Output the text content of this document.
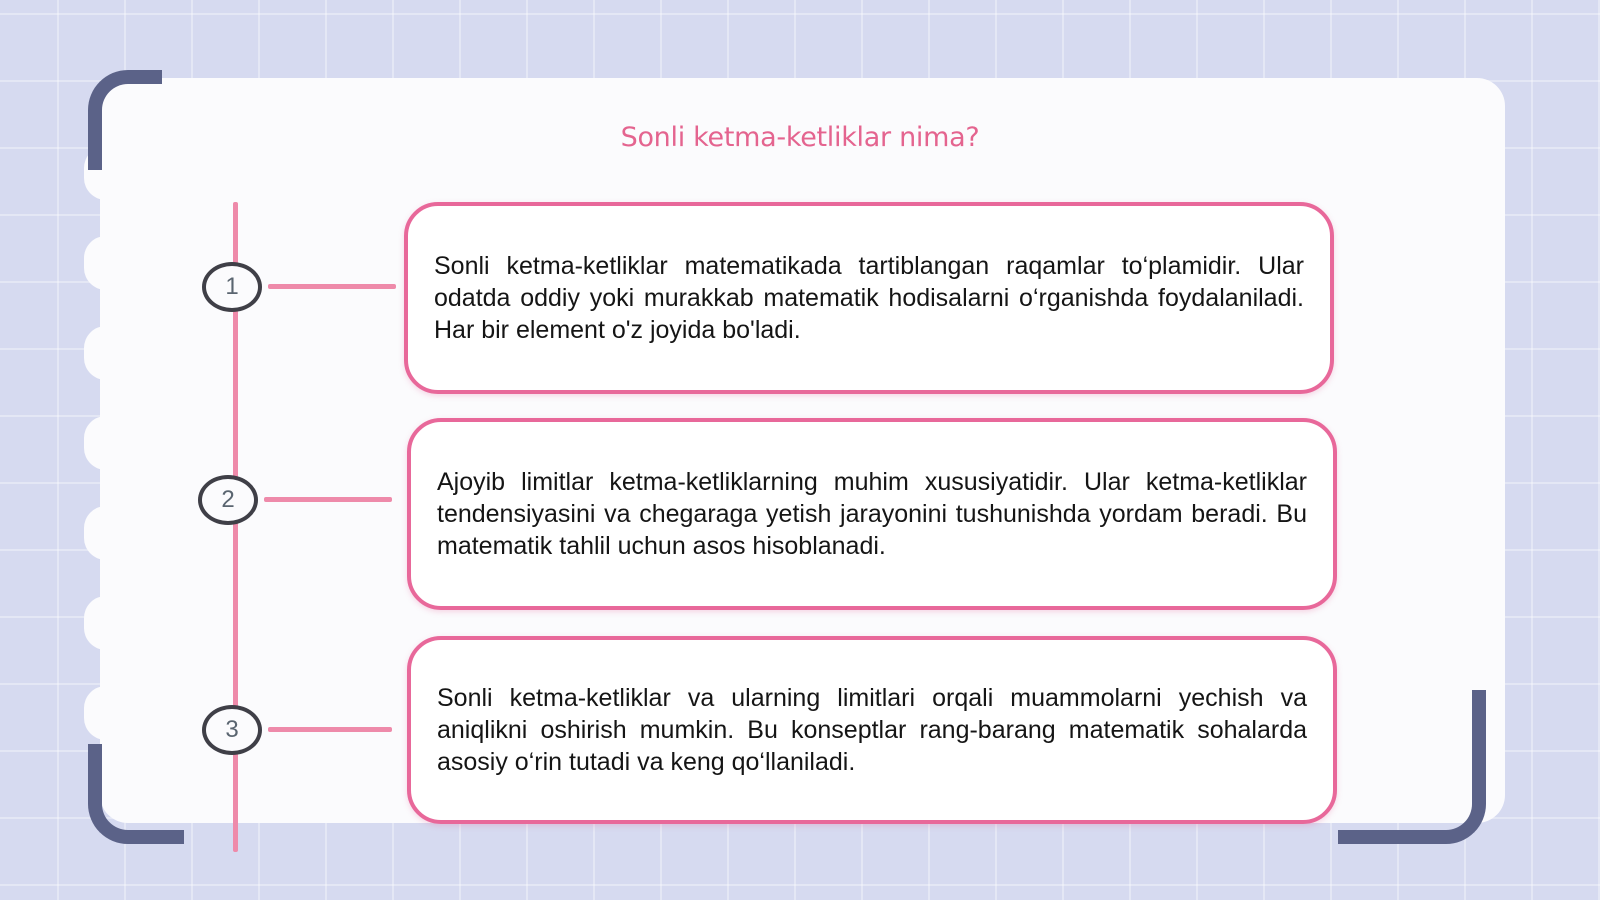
Sonli ketma-ketliklar nima?
1
Sonli ketma-ketliklar matematikada tartiblangan raqamlar to‘plamidir. Ular odatda oddiy yoki murakkab matematik hodisalarni o‘rganishda foydalaniladi. Har bir element o'z joyida bo'ladi.
2
Ajoyib limitlar ketma-ketliklarning muhim xususiyatidir. Ular ketma-ketliklar tendensiyasini va chegaraga yetish jarayonini tushunishda yordam beradi. Bu matematik tahlil uchun asos hisoblanadi.
3
Sonli ketma-ketliklar va ularning limitlari orqali muammolarni yechish va aniqlikni oshirish mumkin. Bu konseptlar rang-barang matematik sohalarda asosiy o‘rin tutadi va keng qo‘llaniladi.
